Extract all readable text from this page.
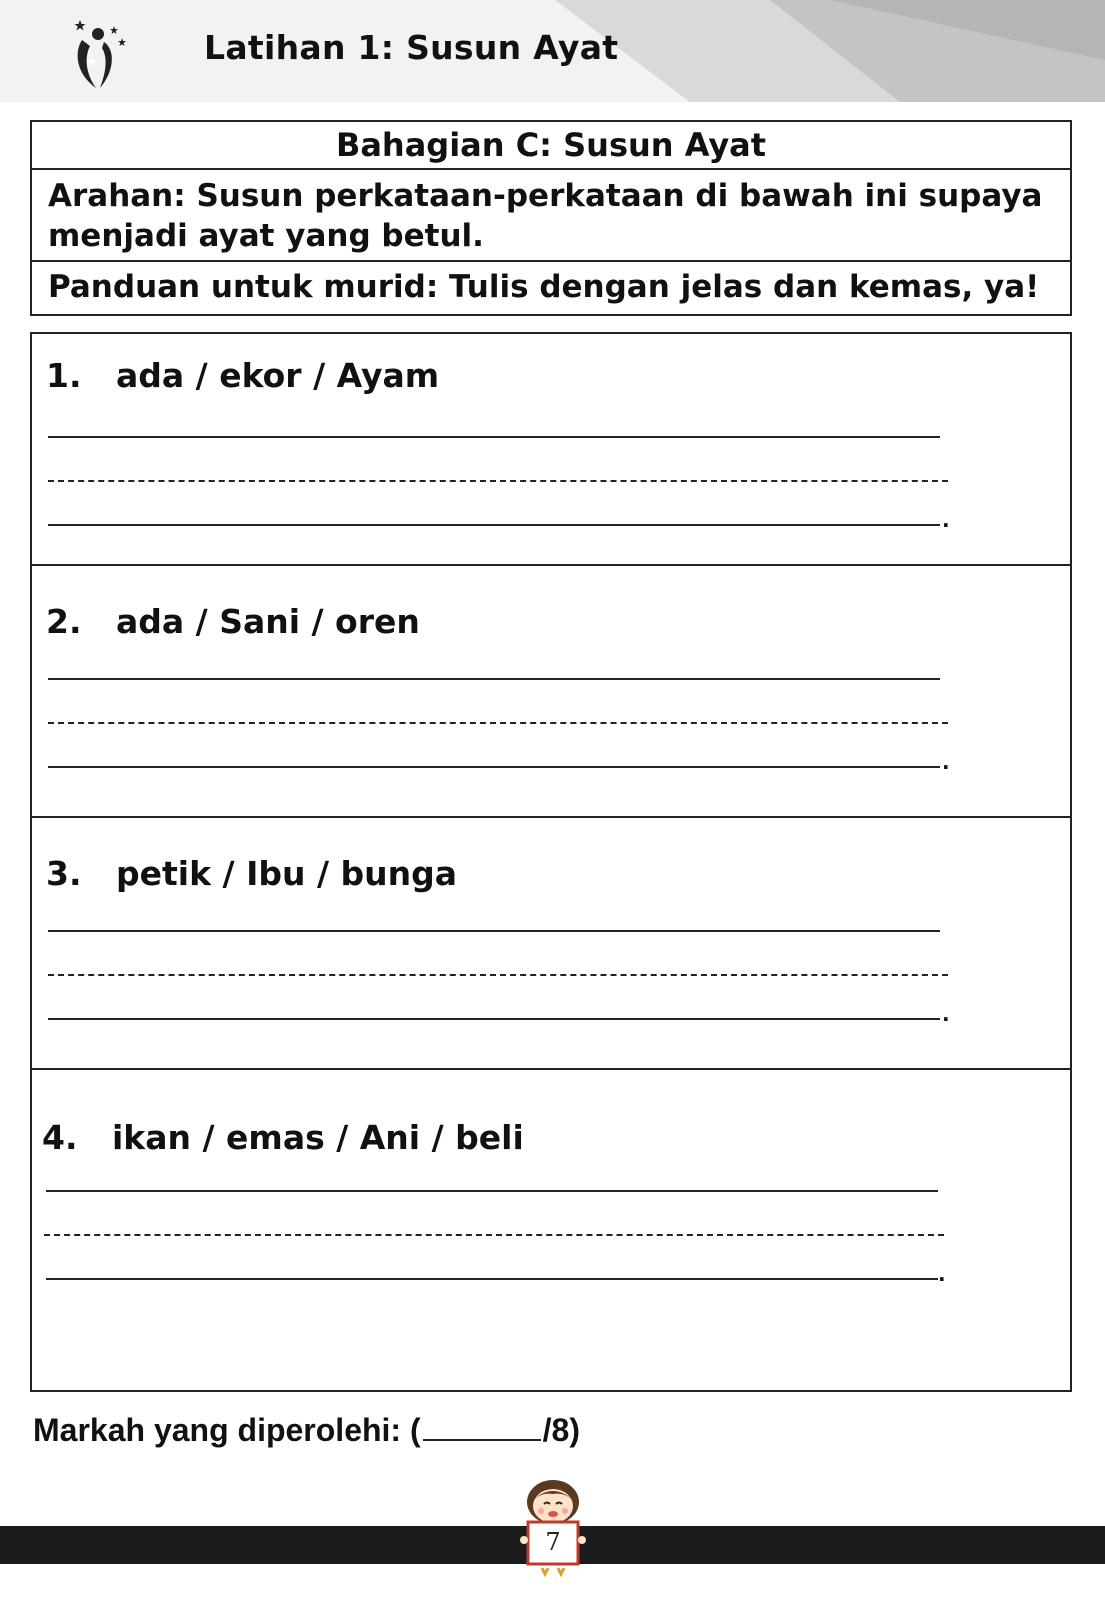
Latihan 1: Susun Ayat
Bahagian C: Susun Ayat
Arahan: Susun perkataan-perkataan di bawah ini supaya
menjadi ayat yang betul.
Panduan untuk murid: Tulis dengan jelas dan kemas, ya!
1. ada / ekor / Ayam
.
2. ada / Sani / oren
.
3. petik / Ibu / bunga
.
4. ikan / emas / Ani / beli
.
Markah yang diperolehi: (	/8)
7
